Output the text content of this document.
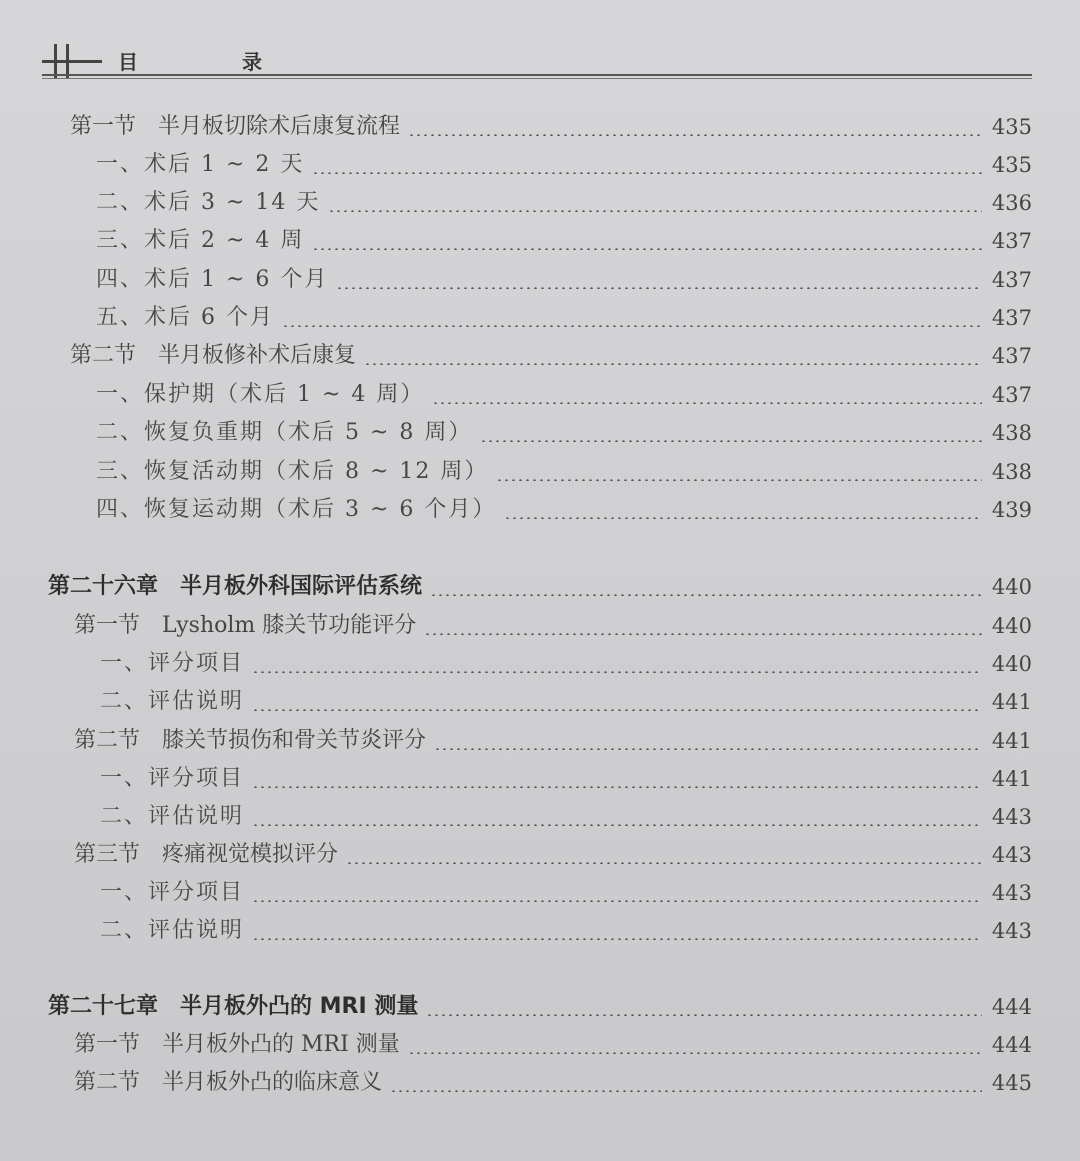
目　录
第一节　半月板切除术后康复流程	435
一、术后 1 ~ 2 天	435
二、术后 3 ~ 14 天	436
三、术后 2 ~ 4 周	437
四、术后 1 ~ 6 个月	437
五、术后 6 个月	437
第二节　半月板修补术后康复	437
一、保护期（术后 1 ~ 4 周）	437
二、恢复负重期（术后 5 ~ 8 周）	438
三、恢复活动期（术后 8 ~ 12 周）	438
四、恢复运动期（术后 3 ~ 6 个月）	439
第二十六章　半月板外科国际评估系统	440
第一节　Lysholm 膝关节功能评分	440
一、评分项目	440
二、评估说明	441
第二节　膝关节损伤和骨关节炎评分	441
一、评分项目	441
二、评估说明	443
第三节　疼痛视觉模拟评分	443
一、评分项目	443
二、评估说明	443
第二十七章　半月板外凸的 MRI 测量	444
第一节　半月板外凸的 MRI 测量	444
第二节　半月板外凸的临床意义	445
